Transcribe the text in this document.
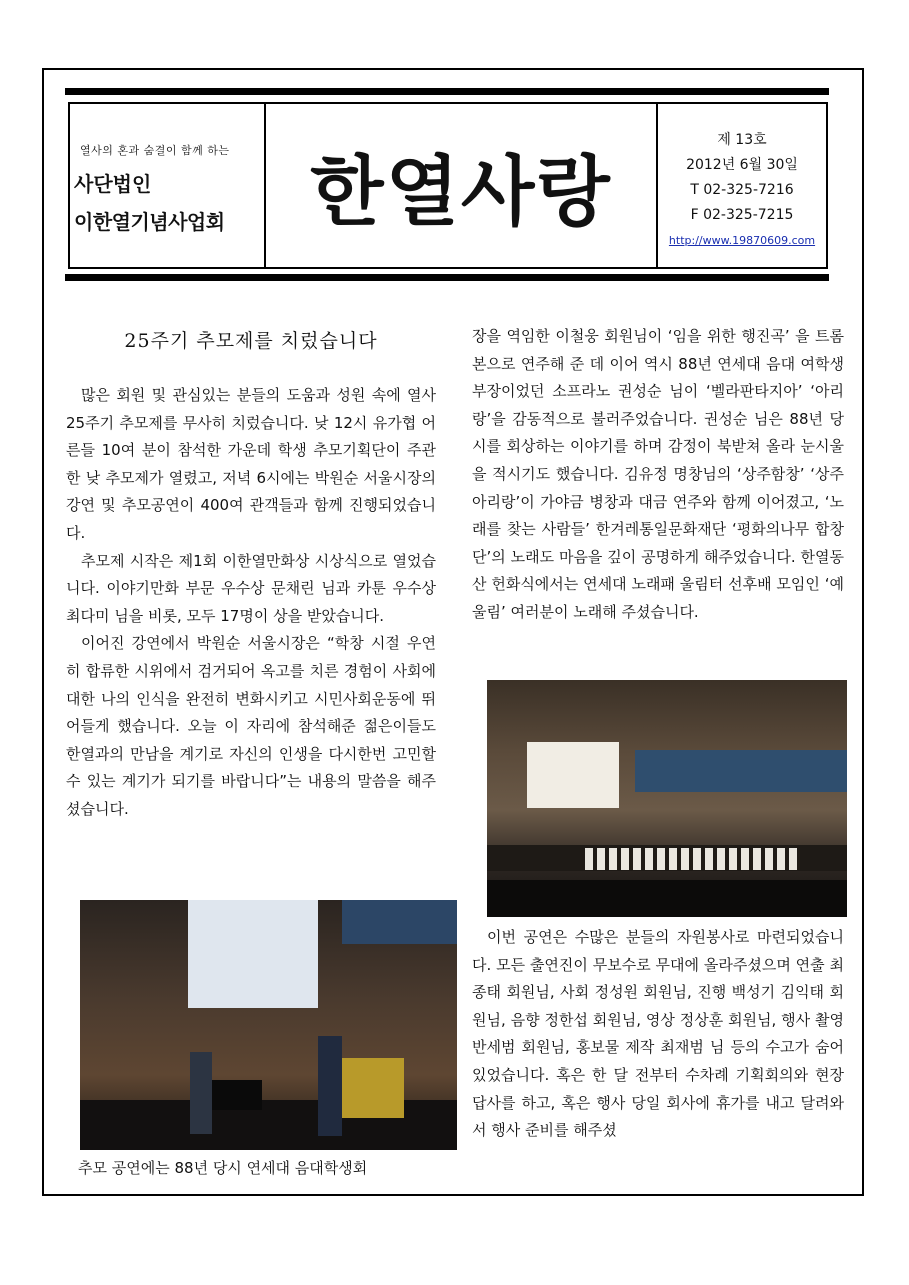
열사의 혼과 숨결이 함께 하는
사단법인
이한열기념사업회	한열사랑
제 13호
2012년 6월 30일
T 02-325-7216
F 02-325-7215
http://www.19870609.com
25주기 추모제를 치렀습니다

많은 회원 및 관심있는 분들의 도움과 성원 속에 열사 25주기 추모제를 무사히 치렀습니다. 낮 12시 유가협 어른들 10여 분이 참석한 가운데 학생 추모기획단이 주관한 낮 추모제가 열렸고, 저녁 6시에는 박원순 서울시장의 강연 및 추모공연이 400여 관객들과 함께 진행되었습니다.

추모제 시작은 제1회 이한열만화상 시상식으로 열었습니다. 이야기만화 부문 우수상 문채린 님과 카툰 우수상 최다미 님을 비롯, 모두 17명이 상을 받았습니다.

이어진 강연에서 박원순 서울시장은 “학창 시절 우연히 합류한 시위에서 검거되어 옥고를 치른 경험이 사회에 대한 나의 인식을 완전히 변화시키고 시민사회운동에 뛰어들게 했습니다. 오늘 이 자리에 참석해준 젊은이들도 한열과의 만남을 계기로 자신의 인생을 다시한번 고민할 수 있는 계기가 되기를 바랍니다”는 내용의 말씀을 해주셨습니다.

장을 역임한 이철웅 회원님이 ‘임을 위한 행진곡’ 을 트롬본으로 연주해 준 데 이어 역시 88년 연세대 음대 여학생부장이었던 소프라노 권성순 님이 ‘벨라판타지아’ ‘아리랑’을 감동적으로 불러주었습니다. 권성순 님은 88년 당시를 회상하는 이야기를 하며 감정이 북받쳐 올라 눈시울을 적시기도 했습니다. 김유정 명창님의 ‘상주함창’ ‘상주아리랑’이 가야금 병창과 대금 연주와 함께 이어졌고, ‘노래를 찾는 사람들’ 한겨레통일문화재단 ‘평화의나무 합창단’의 노래도 마음을 깊이 공명하게 해주었습니다. 한열동산 헌화식에서는 연세대 노래패 울림터 선후배 모임인 ‘예울림’ 여러분이 노래해 주셨습니다.

이번 공연은 수많은 분들의 자원봉사로 마련되었습니다. 모든 출연진이 무보수로 무대에 올라주셨으며 연출 최종태 회원님, 사회 정성원 회원님, 진행 백성기 김익태 회원님, 음향 정한섭 회원님, 영상 정상훈 회원님, 행사 촬영 반세범 회원님, 홍보물 제작 최재범 님 등의 수고가 숨어있었습니다. 혹은 한 달 전부터 수차례 기획회의와 현장 답사를 하고, 혹은 행사 당일 회사에 휴가를 내고 달려와서 행사 준비를 해주셨

추모 공연에는 88년 당시 연세대 음대학생회
